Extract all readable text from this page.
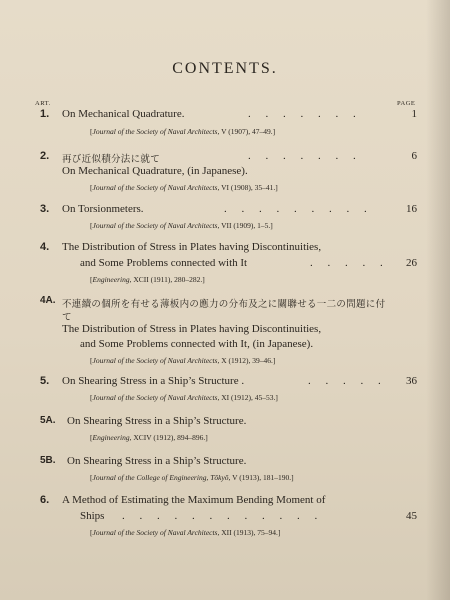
CONTENTS.
ART.	PAGE
1. On Mechanical Quadrature.	. . . . . . .	1
[Journal of the Society of Naval Architects, V (1907), 47–49.]
2. 再び近似積分法に就て
On Mechanical Quadrature, (in Japanese).
. . . . . . .	6
[Journal of the Society of Naval Architects, VI (1908), 35–41.]
3. On Torsionmeters.	. . . . . . . . .	16
[Journal of the Society of Naval Architects, VII (1909), 1–5.]
4. The Distribution of Stress in Plates having Discontinuities,
and Some Problems connected with It	. . . . .	26
[Engineering, XCII (1911), 280–282.]
4A. 不連續の個所を有せる薄板内の應力の分布及之に關聯せる一二の問題に付
て
The Distribution of Stress in Plates having Discontinuities,
and Some Problems connected with It, (in Japanese).
[Journal of the Society of Naval Architects, X (1912), 39–46.]
5. On Shearing Stress in a Ship’s Structure .	. . . . .	36
[Journal of the Society of Naval Architects, XI (1912), 45–53.]
5A. On Shearing Stress in a Ship’s Structure.
[Engineering, XCIV (1912), 894–896.]
5B. On Shearing Stress in a Ship’s Structure.
[Journal of the College of Engineering, Tōkyō, V (1913), 181–190.]
6. A Method of Estimating the Maximum Bending Moment of
Ships . . . . . . . . . . . .	45
[Journal of the Society of Naval Architects, XII (1913), 75–94.]
